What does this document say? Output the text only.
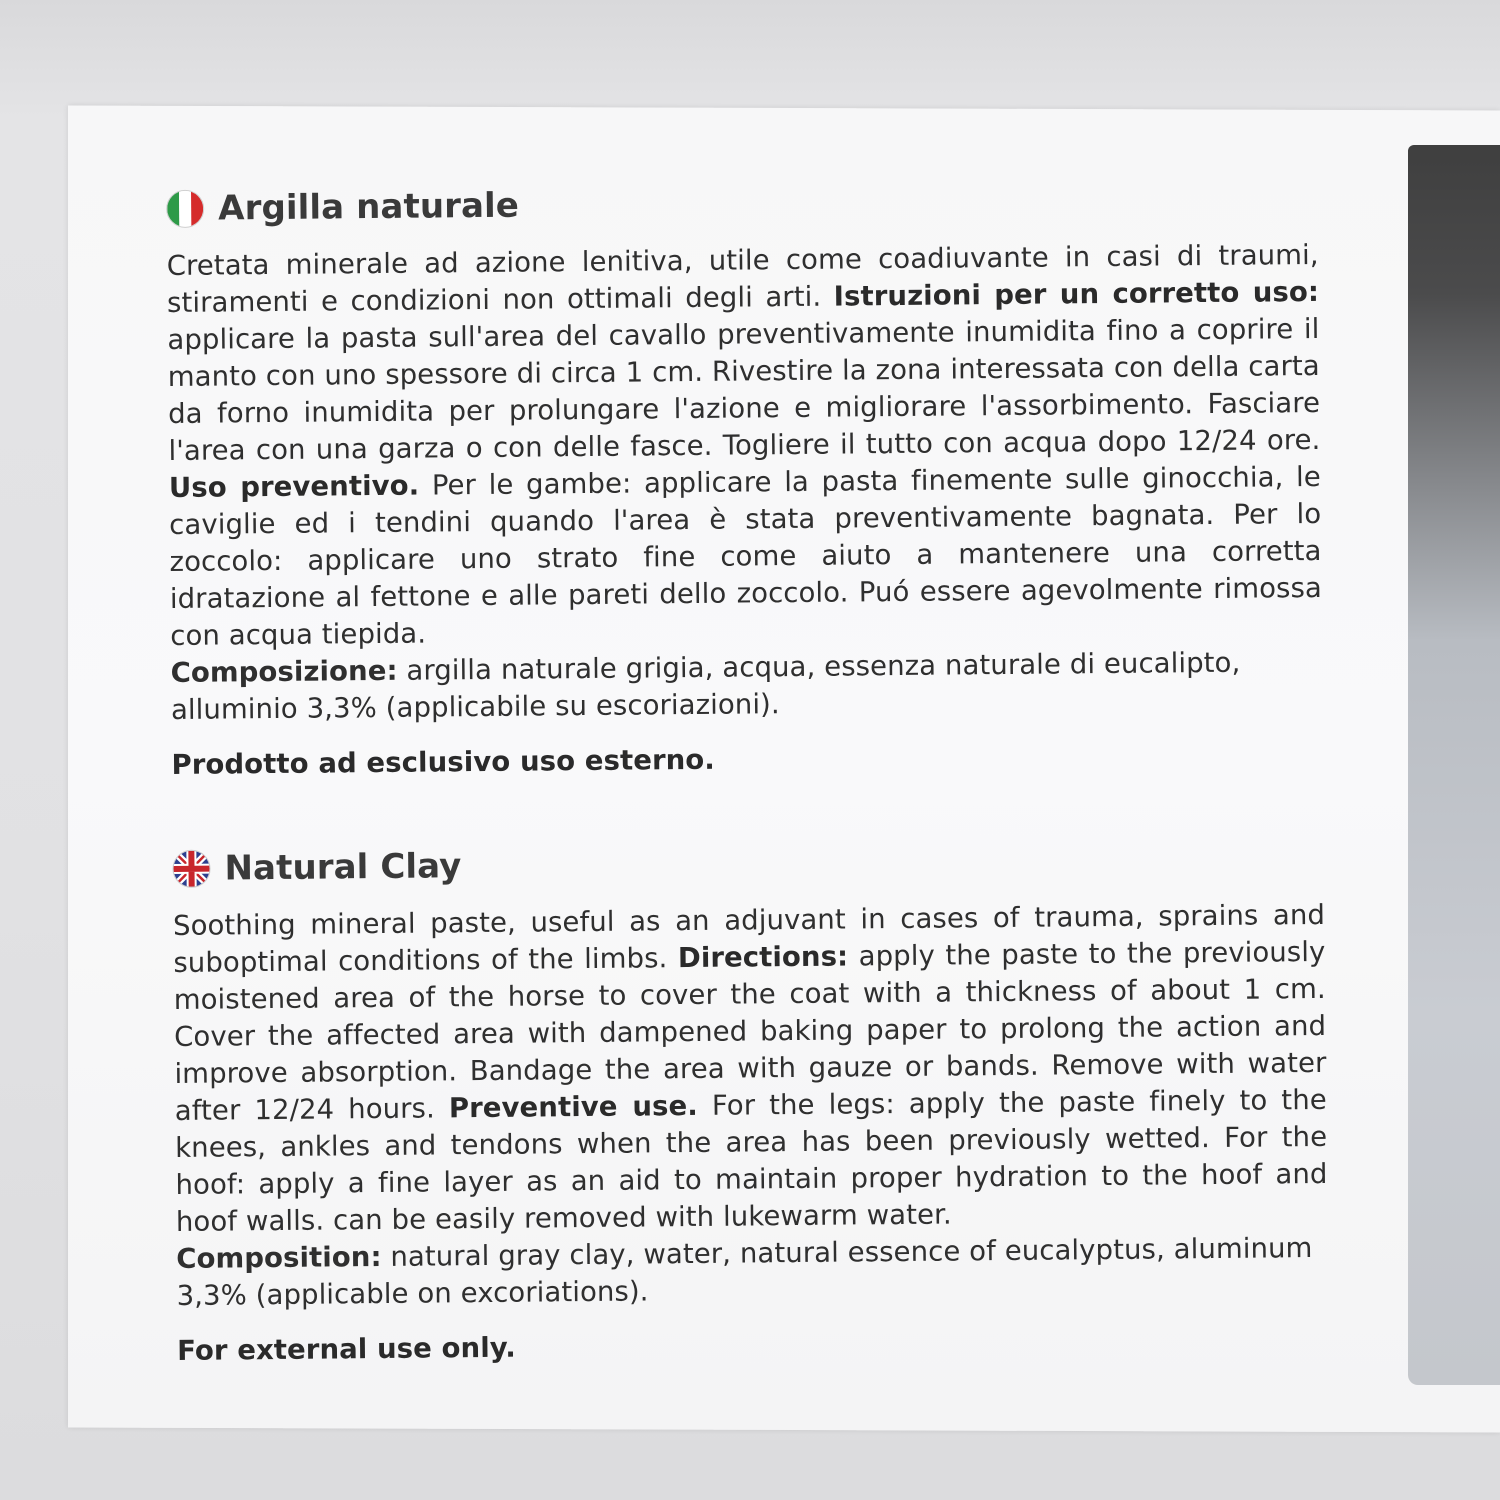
Argilla naturale

Cretata minerale ad azione lenitiva, utile come coadiuvante in casi di traumi, stiramenti e condizioni non ottimali degli arti. Istruzioni per un corretto uso: applicare la pasta sull'area del cavallo preventivamente inumidita fino a coprire il manto con uno spessore di circa 1 cm. Rivestire la zona interessata con della carta da forno inumidita per prolungare l'azione e migliorare l'assorbimento. Fasciare l'area con una garza o con delle fasce. Togliere il tutto con acqua dopo 12/24 ore. Uso preventivo. Per le gambe: applicare la pasta finemente sulle ginocchia, le caviglie ed i tendini quando l'area è stata preventivamente bagnata. Per lo zoccolo: applicare uno strato fine come aiuto a mantenere una corretta idratazione al fettone e alle pareti dello zoccolo. Puó essere agevolmente rimossa con acqua tiepida.

Composizione: argilla naturale grigia, acqua, essenza naturale di eucalipto, alluminio 3,3% (applicabile su escoriazioni).

Prodotto ad esclusivo uso esterno.
Natural Clay

Soothing mineral paste, useful as an adjuvant in cases of trauma, sprains and suboptimal conditions of the limbs. Directions: apply the paste to the previously moistened area of the horse to cover the coat with a thickness of about 1 cm. Cover the affected area with dampened baking paper to prolong the action and improve absorption. Bandage the area with gauze or bands. Remove with water after 12/24 hours. Preventive use. For the legs: apply the paste finely to the knees, ankles and tendons when the area has been previously wetted. For the hoof: apply a fine layer as an aid to maintain proper hydration to the hoof and hoof walls. can be easily removed with lukewarm water.

Composition: natural gray clay, water, natural essence of eucalyptus, aluminum 3,3% (applicable on excoriations).

For external use only.
